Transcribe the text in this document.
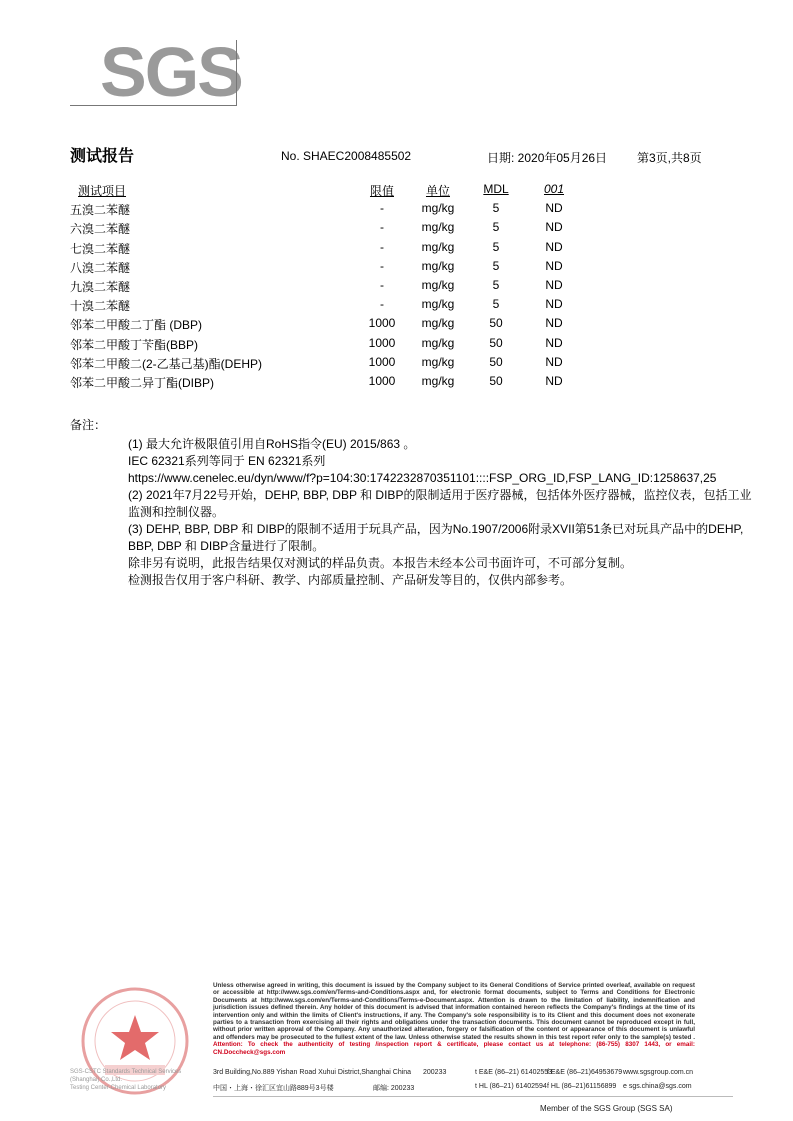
SGS
测试报告	No. SHAEC2008485502	日期: 2020年05月26日 第3页,共8页
测试项目	限值	单位	MDL	001
五溴二苯醚	-	mg/kg	5	ND
六溴二苯醚	-	mg/kg	5	ND
七溴二苯醚	-	mg/kg	5	ND
八溴二苯醚	-	mg/kg	5	ND
九溴二苯醚	-	mg/kg	5	ND
十溴二苯醚	-	mg/kg	5	ND
邻苯二甲酸二丁酯 (DBP)	1000	mg/kg	50	ND
邻苯二甲酸丁苄酯(BBP)	1000	mg/kg	50	ND
邻苯二甲酸二(2-乙基己基)酯(DEHP)	1000	mg/kg	50	ND
邻苯二甲酸二异丁酯(DIBP)	1000	mg/kg	50	ND
备注：

(1) 最大允许极限值引用自RoHS指令(EU) 2015/863 。

IEC 62321系列等同于 EN 62321系列

https://www.cenelec.eu/dyn/www/f?p=104:30:1742232870351101::::FSP_ORG_ID,FSP_LANG_ID:1258637,25

(2) 2021年7月22号开始，DEHP, BBP, DBP 和 DIBP的限制适用于医疗器械，包括体外医疗器械，监控仪表，包括工业监测和控制仪器。

(3) DEHP, BBP, DBP 和 DIBP的限制不适用于玩具产品，因为No.1907/2006附录XVII第51条已对玩具产品中的DEHP, BBP, DBP 和 DIBP含量进行了限制。

除非另有说明，此报告结果仅对测试的样品负责。本报告未经本公司书面许可，不可部分复制。

检测报告仅用于客户科研、教学、内部质量控制、产品研发等目的，仅供内部参考。

SGS-CSTC Standards Technical Services (Shanghai) Co.,Ltd.
Testing Center-Chemical Laboratory
Unless otherwise agreed in writing, this document is issued by the Company subject to its General Conditions of Service printed overleaf, available on request or accessible at http://www.sgs.com/en/Terms-and-Conditions.aspx and, for electronic format documents, subject to Terms and Conditions for Electronic Documents at http://www.sgs.com/en/Terms-and-Conditions/Terms-e-Document.aspx. Attention is drawn to the limitation of liability, indemnification and jurisdiction issues defined therein. Any holder of this document is advised that information contained hereon reflects the Company's findings at the time of its intervention only and within the limits of Client's instructions, if any. The Company's sole responsibility is to its Client and this document does not exonerate parties to a transaction from exercising all their rights and obligations under the transaction documents. This document cannot be reproduced except in full, without prior written approval of the Company. Any unauthorized alteration, forgery or falsification of the content or appearance of this document is unlawful and offenders may be prosecuted to the fullest extent of the law. Unless otherwise stated the results shown in this test report refer only to the sample(s) tested . Attention: To check the authenticity of testing /inspection report & certificate, please contact us at telephone: (86-755) 8307 1443, or email: CN.Doccheck@sgs.com
3rd Building,No.889 Yishan Road Xuhui District,Shanghai China 200233	t E&E (86–21) 61402553
f E&E (86–21)64953679 www.sgsgroup.com.cn
中国・上海・徐汇区宜山路889号3号楼	邮编: 200233	t HL (86–21) 61402594 f HL (86–21)61156899 e sgs.china@sgs.com
Member of the SGS Group (SGS SA)
